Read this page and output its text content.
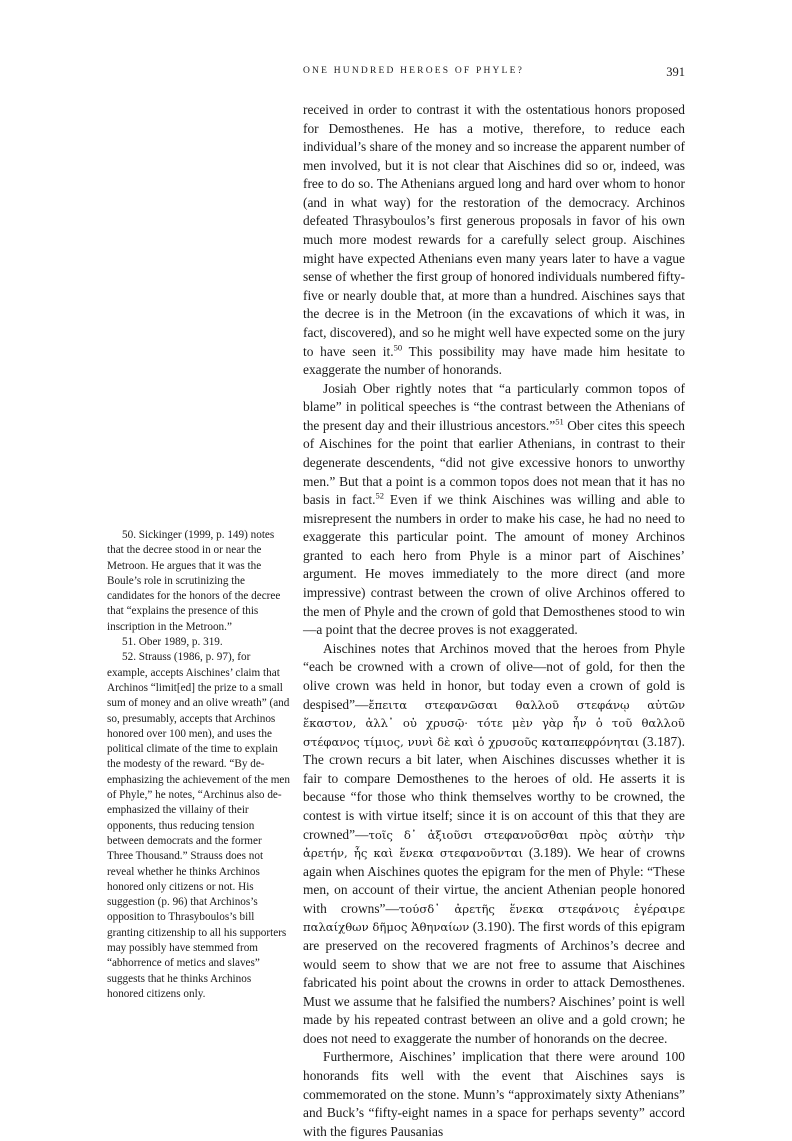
ONE HUNDRED HEROES OF PHYLE?	391

received in order to contrast it with the ostentatious honors proposed for Demosthenes. He has a motive, therefore, to reduce each individual’s share of the money and so increase the apparent number of men involved, but it is not clear that Aischines did so or, indeed, was free to do so. The Athenians argued long and hard over whom to honor (and in what way) for the restoration of the democracy. Archinos defeated Thrasyboulos’s first generous proposals in favor of his own much more modest rewards for a carefully select group. Aischines might have expected Athenians even many years later to have a vague sense of whether the first group of honored individuals numbered fifty-five or nearly double that, at more than a hundred. Aischines says that the decree is in the Metroon (in the excavations of which it was, in fact, discovered), and so he might well have expected some on the jury to have seen it.$^{50}$ This possibility may have made him hesitate to exaggerate the number of honorands.

Josiah Ober rightly notes that “a particularly common topos of blame” in political speeches is “the contrast between the Athenians of the present day and their illustrious ancestors.”$^{51}$ Ober cites this speech of Aischines for the point that earlier Athenians, in contrast to their degenerate descendents, “did not give excessive honors to unworthy men.” But that a point is a common topos does not mean that it has no basis in fact.$^{52}$ Even if we think Aischines was willing and able to misrepresent the numbers in order to make his case, he had no need to exaggerate this particular point. The amount of money Archinos granted to each hero from Phyle is a minor part of Aischines’ argument. He moves immediately to the more direct (and more impressive) contrast between the crown of olive Archinos offered to the men of Phyle and the crown of gold that Demosthenes stood to win—a point that the decree proves is not exaggerated.

Aischines notes that Archinos moved that the heroes from Phyle “each be crowned with a crown of olive—not of gold, for then the olive crown was held in honor, but today even a crown of gold is despised”—ἔπειτα στεφανῶσαι θαλλοῦ στεφάνῳ αὐτῶν ἕκαστον, ἀλλ᾽ οὐ χρυσῷ· τότε μὲν γὰρ ἦν ὁ τοῦ θαλλοῦ στέφανος τίμιος, νυνὶ δὲ καὶ ὁ χρυσοῦς καταπεφρόνηται (3.187). The crown recurs a bit later, when Aischines discusses whether it is fair to compare Demosthenes to the heroes of old. He asserts it is because “for those who think themselves worthy to be crowned, the contest is with virtue itself; since it is on account of this that they are crowned”—τοῖς δ᾽ ἀξιοῦσι στεφανοῦσθαι πρὸς αὐτὴν τὴν ἀρετήν, ἧς καὶ ἕνεκα στεφανοῦνται (3.189). We hear of crowns again when Aischines quotes the epigram for the men of Phyle: “These men, on account of their virtue, the ancient Athenian people honored with crowns”—τούσδ᾽ ἀρετῆς ἕνεκα στεφάνοις ἐγέραιρε παλαίχθων δῆμος Ἀθηναίων (3.190). The first words of this epigram are preserved on the recovered fragments of Archinos’s decree and would seem to show that we are not free to assume that Aischines fabricated his point about the crowns in order to attack Demosthenes. Must we assume that he falsified the numbers? Aischines’ point is well made by his repeated contrast between an olive and a gold crown; he does not need to exaggerate the number of honorands on the decree.

Furthermore, Aischines’ implication that there were around 100 honorands fits well with the event that Aischines says is commemorated on the stone. Munn’s “approximately sixty Athenians” and Buck’s “fifty-eight names in a space for perhaps seventy” accord with the figures Pausanias

50. Sickinger (1999, p. 149) notes that the decree stood in or near the Metroon. He argues that it was the Boule’s role in scrutinizing the candidates for the honors of the decree that “explains the presence of this inscription in the Metroon.”

51. Ober 1989, p. 319.

52. Strauss (1986, p. 97), for example, accepts Aischines’ claim that Archinos “limit[ed] the prize to a small sum of money and an olive wreath” (and so, presumably, accepts that Archinos honored over 100 men), and uses the political climate of the time to explain the modesty of the reward. “By de-emphasizing the achievement of the men of Phyle,” he notes, “Archinus also de-emphasized the villainy of their opponents, thus reducing tension between democrats and the former Three Thousand.” Strauss does not reveal whether he thinks Archinos honored only citizens or not. His suggestion (p. 96) that Archinos’s opposition to Thrasyboulos’s bill granting citizenship to all his supporters may possibly have stemmed from “abhorrence of metics and slaves” suggests that he thinks Archinos honored citizens only.
